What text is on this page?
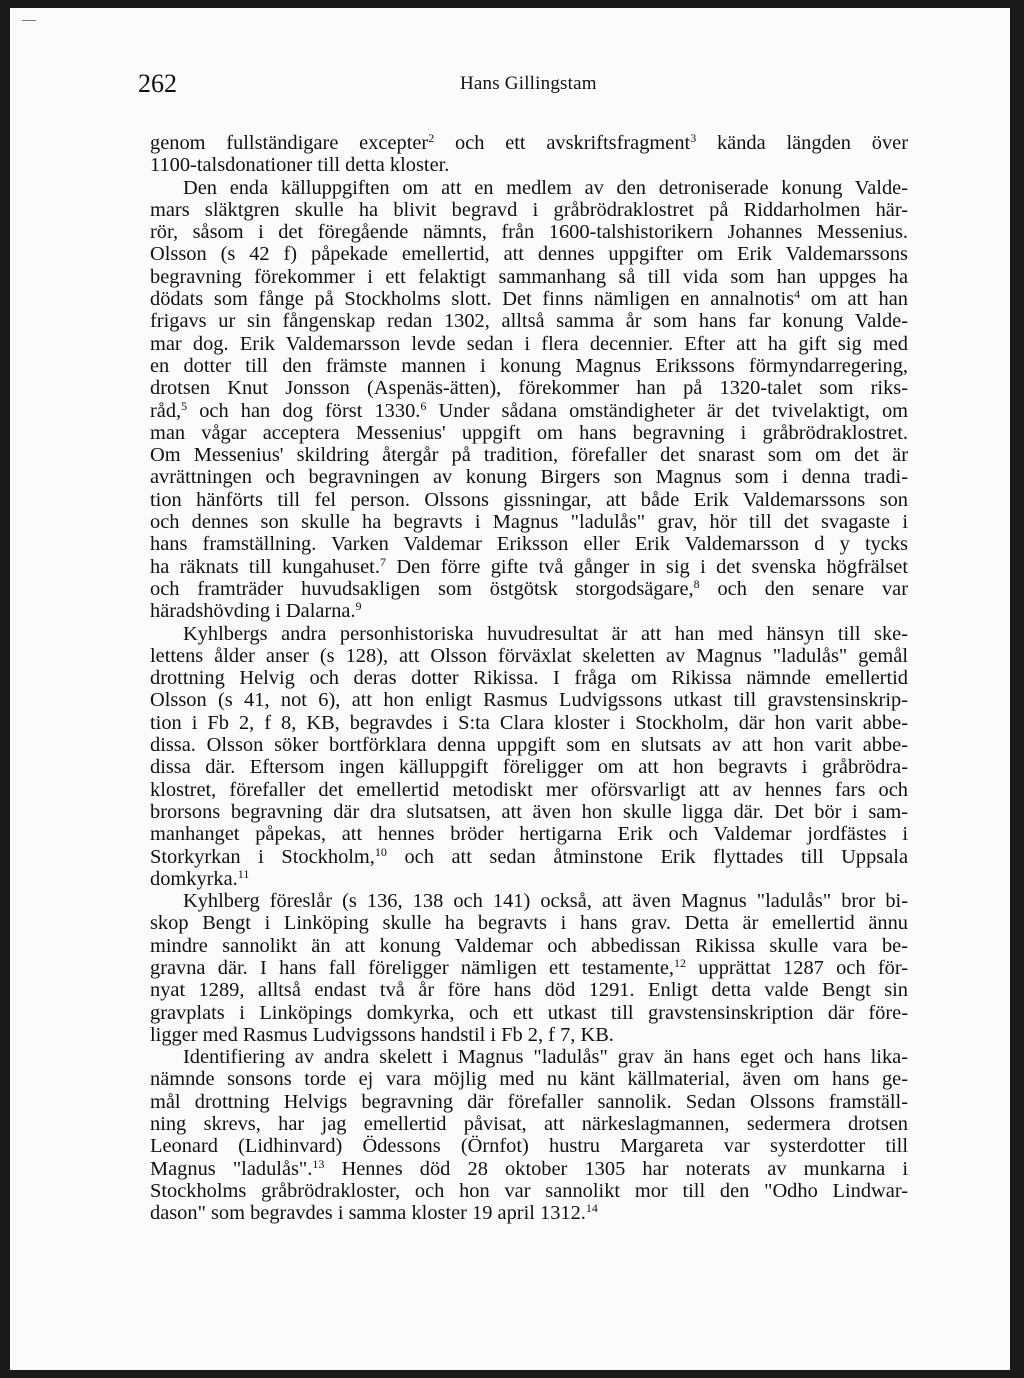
262	Hans Gillingstam
genom fullständigare excepter$^2$ och ett avskriftsfragment$^3$ kända längden över
1100-talsdonationer till detta kloster.
Den enda källuppgiften om att en medlem av den detroniserade konung Valde-
mars släktgren skulle ha blivit begravd i gråbrödraklostret på Riddarholmen här-
rör, såsom i det föregående nämnts, från 1600-talshistorikern Johannes Messenius.
Olsson (s 42 f) påpekade emellertid, att dennes uppgifter om Erik Valdemarssons
begravning förekommer i ett felaktigt sammanhang så till vida som han uppges ha
dödats som fånge på Stockholms slott. Det finns nämligen en annalnotis$^4$ om att han
frigavs ur sin fångenskap redan 1302, alltså samma år som hans far konung Valde-
mar dog. Erik Valdemarsson levde sedan i flera decennier. Efter att ha gift sig med
en dotter till den främste mannen i konung Magnus Erikssons förmyndarregering,
drotsen Knut Jonsson (Aspenäs-ätten), förekommer han på 1320-talet som riks-
råd,$^5$ och han dog först 1330.$^6$ Under sådana omständigheter är det tvivelaktigt, om
man vågar acceptera Messenius' uppgift om hans begravning i gråbrödraklostret.
Om Messenius' skildring återgår på tradition, förefaller det snarast som om det är
avrättningen och begravningen av konung Birgers son Magnus som i denna tradi-
tion hänförts till fel person. Olssons gissningar, att både Erik Valdemarssons son
och dennes son skulle ha begravts i Magnus "ladulås" grav, hör till det svagaste i
hans framställning. Varken Valdemar Eriksson eller Erik Valdemarsson d y tycks
ha räknats till kungahuset.$^7$ Den förre gifte två gånger in sig i det svenska högfrälset
och framträder huvudsakligen som östgötsk storgodsägare,$^8$ och den senare var
häradshövding i Dalarna.$^9$
Kyhlbergs andra personhistoriska huvudresultat är att han med hänsyn till ske-
lettens ålder anser (s 128), att Olsson förväxlat skeletten av Magnus "ladulås" gemål
drottning Helvig och deras dotter Rikissa. I fråga om Rikissa nämnde emellertid
Olsson (s 41, not 6), att hon enligt Rasmus Ludvigssons utkast till gravstensinskrip-
tion i Fb 2, f 8, KB, begravdes i S:ta Clara kloster i Stockholm, där hon varit abbe-
dissa. Olsson söker bortförklara denna uppgift som en slutsats av att hon varit abbe-
dissa där. Eftersom ingen källuppgift föreligger om att hon begravts i gråbrödra-
klostret, förefaller det emellertid metodiskt mer oförsvarligt att av hennes fars och
brorsons begravning där dra slutsatsen, att även hon skulle ligga där. Det bör i sam-
manhanget påpekas, att hennes bröder hertigarna Erik och Valdemar jordfästes i
Storkyrkan i Stockholm,$^{10}$ och att sedan åtminstone Erik flyttades till Uppsala
domkyrka.$^{11}$
Kyhlberg föreslår (s 136, 138 och 141) också, att även Magnus "ladulås" bror bi-
skop Bengt i Linköping skulle ha begravts i hans grav. Detta är emellertid ännu
mindre sannolikt än att konung Valdemar och abbedissan Rikissa skulle vara be-
gravna där. I hans fall föreligger nämligen ett testamente,$^{12}$ upprättat 1287 och för-
nyat 1289, alltså endast två år före hans död 1291. Enligt detta valde Bengt sin
gravplats i Linköpings domkyrka, och ett utkast till gravstensinskription där före-
ligger med Rasmus Ludvigssons handstil i Fb 2, f 7, KB.
Identifiering av andra skelett i Magnus "ladulås" grav än hans eget och hans lika-
nämnde sonsons torde ej vara möjlig med nu känt källmaterial, även om hans ge-
mål drottning Helvigs begravning där förefaller sannolik. Sedan Olssons framställ-
ning skrevs, har jag emellertid påvisat, att närkeslagmannen, sedermera drotsen
Leonard (Lidhinvard) Ödessons (Örnfot) hustru Margareta var systerdotter till
Magnus "ladulås".$^{13}$ Hennes död 28 oktober 1305 har noterats av munkarna i
Stockholms gråbrödrakloster, och hon var sannolikt mor till den "Odho Lindwar-
dason" som begravdes i samma kloster 19 april 1312.14
